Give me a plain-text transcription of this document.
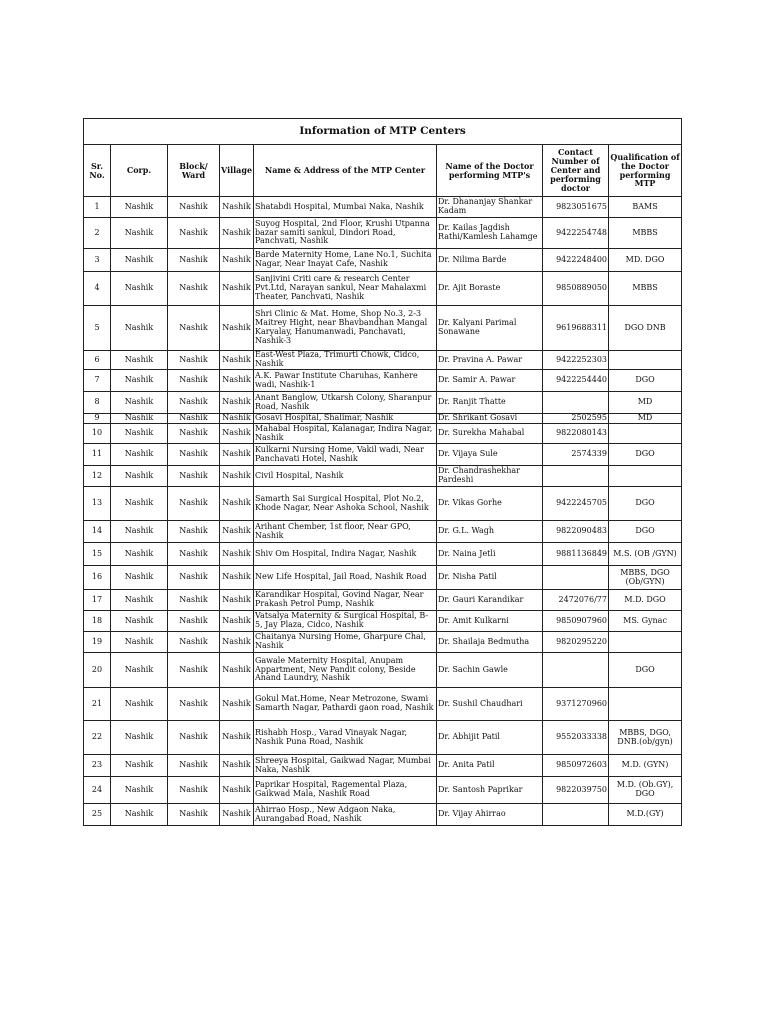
Information of MTP Centers							
Sr. No.	Corp.	Block/ Ward	Village	Name & Address of the MTP Center	Name of the Doctor performing MTP's	Contact Number of Center and performing doctor	Qualification of the Doctor performing MTP
1	Nashik	Nashik	Nashik	Shatabdi Hospital, Mumbai Naka, Nashik	Dr. Dhananjay Shankar Kadam	9823051675	BAMS
2	Nashik	Nashik	Nashik	Suyog Hospital, 2nd Floor, Krushi Utpanna bazar samiti sankul, Dindori Road, Panchvati, Nashik	Dr. Kailas Jagdish Rathi/Kamlesh Lahamge	9422254748	MBBS
3	Nashik	Nashik	Nashik	Barde Maternity Home, Lane No.1, Suchita Nagar, Near Inayat Cafe, Nashik	Dr. Nilima Barde	9422248400	MD. DGO
4	Nashik	Nashik	Nashik	Sanjivini Criti care & research Center Pvt.Ltd, Narayan sankul, Near Mahalaxmi Theater, Panchvati, Nashik	Dr. Ajit Boraste	9850889050	MBBS
5	Nashik	Nashik	Nashik	Shri Clinic & Mat. Home, Shop No.3, 2-3 Maitrey Hight, near Bhavbandhan Mangal Karyalay, Hanumanwadi, Panchavati, Nashik-3	Dr. Kalyani Parimal Sonawane	9619688311	DGO DNB
6	Nashik	Nashik	Nashik	East-West Plaza, Trimurti Chowk, Cidco, Nashik	Dr. Pravina A. Pawar	9422252303	
7	Nashik	Nashik	Nashik	A.K. Pawar Institute Charuhas, Kanhere wadi, Nashik-1	Dr. Samir A. Pawar	9422254440	DGO
8	Nashik	Nashik	Nashik	Anant Banglow, Utkarsh Colony, Sharanpur Road, Nashik	Dr. Ranjit Thatte		MD
9	Nashik	Nashik	Nashik	Gosavi Hospital, Shalimar, Nashik	Dr. Shrikant Gosavi	2502595	MD
10	Nashik	Nashik	Nashik	Mahabal Hospital, Kalanagar, Indira Nagar, Nashik	Dr. Surekha Mahabal	9822080143	
11	Nashik	Nashik	Nashik	Kulkarni Nursing Home, Vakil wadi, Near Panchavati Hotel, Nashik	Dr. Vijaya Sule	2574339	DGO
12	Nashik	Nashik	Nashik	Civil Hospital, Nashik	Dr. Chandrashekhar Pardeshi		
13	Nashik	Nashik	Nashik	Samarth Sai Surgical Hospital, Plot No.2, Khode Nagar, Near Ashoka School, Nashik	Dr. Vikas Gorhe	9422245705	DGO
14	Nashik	Nashik	Nashik	Arihant Chember, 1st floor, Near GPO, Nashik	Dr. G.L. Wagh	9822090483	DGO
15	Nashik	Nashik	Nashik	Shiv Om Hospital, Indira Nagar, Nashik	Dr. Naina Jetli	9881136849	M.S. (OB /GYN)
16	Nashik	Nashik	Nashik	New Life Hospital, Jail Road, Nashik Road	Dr. Nisha Patil		MBBS, DGO (Ob/GYN)
17	Nashik	Nashik	Nashik	Karandikar Hospital, Govind Nagar, Near Prakash Petrol Pump, Nashik	Dr. Gauri Karandikar	2472076/77	M.D. DGO
18	Nashik	Nashik	Nashik	Vatsalya Maternity & Surgical Hospital, B-5, Jay Plaza, Cidco, Nashik	Dr. Amit Kulkarni	9850907960	MS. Gynac
19	Nashik	Nashik	Nashik	Chaitanya Nursing Home, Gharpure Chal, Nashik	Dr. Shailaja Bedmutha	9820295220	
20	Nashik	Nashik	Nashik	Gawale Maternity Hospital, Anupam Appartment, New Pandit colony, Beside Anand Laundry, Nashik	Dr. Sachin Gawle		DGO
21	Nashik	Nashik	Nashik	Gokul Mat.Home, Near Metrozone, Swami Samarth Nagar, Pathardi gaon road, Nashik	Dr. Sushil Chaudhari	9371270960	
22	Nashik	Nashik	Nashik	Rishabh Hosp., Varad Vinayak Nagar, Nashik Puna Road, Nashik	Dr. Abhijit Patil	9552033338	MBBS, DGO, DNB.(ob/gyn)
23	Nashik	Nashik	Nashik	Shreeya Hospital, Gaikwad Nagar, Mumbai Naka, Nashik	Dr. Anita Patil	9850972603	M.D. (GYN)
24	Nashik	Nashik	Nashik	Paprikar Hospital, Ragemental Plaza, Gaikwad Mala, Nashik Road	Dr. Santosh Paprikar	9822039750	M.D. (Ob.GY), DGO
25	Nashik	Nashik	Nashik	Ahirrao Hosp., New Adgaon Naka, Aurangabad Road, Nashik	Dr. Vijay Ahirrao		M.D.(GY)
